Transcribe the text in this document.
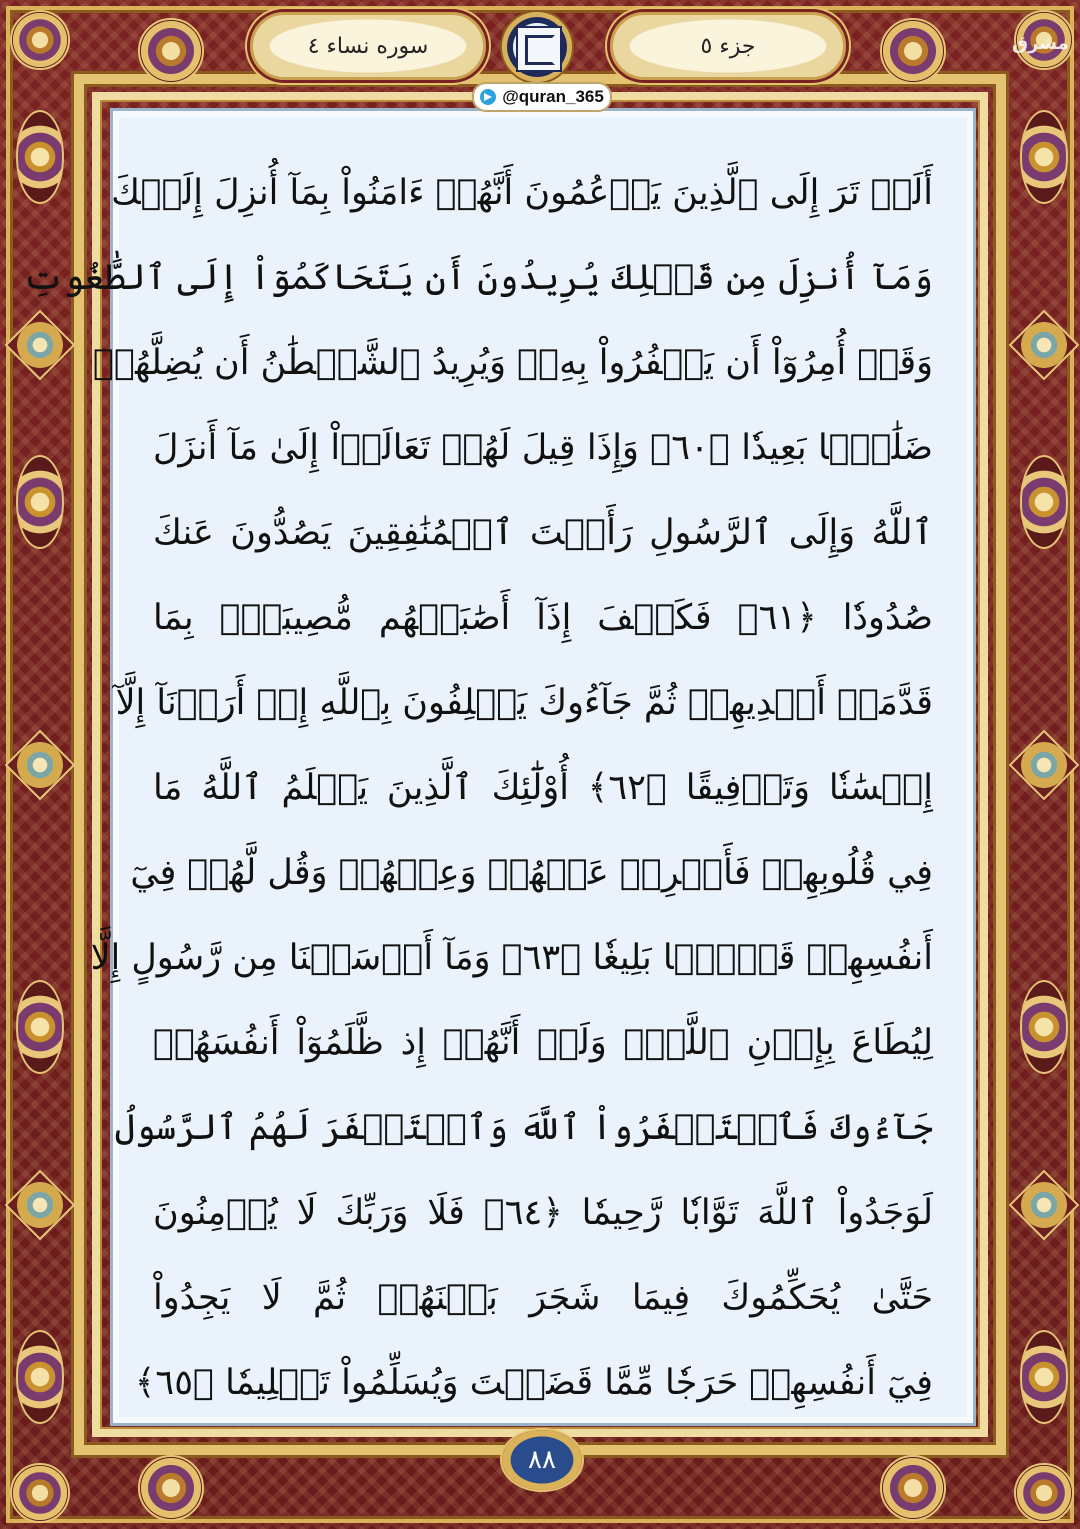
سوره نساء ٤	جزء ٥	مشرق
@quran_365
أَلَمۡ تَرَ إِلَى ٱلَّذِينَ يَزۡعُمُونَ أَنَّهُمۡ ءَامَنُواْ بِمَآ أُنزِلَ إِلَيۡكَ
وَمَآ أُنزِلَ مِن قَبۡلِكَ يُرِيدُونَ أَن يَتَحَاكَمُوٓاْ إِلَى ٱلطَّٰغُوتِ
وَقَدۡ أُمِرُوٓاْ أَن يَكۡفُرُواْ بِهِۦۖ وَيُرِيدُ ٱلشَّيۡطَٰنُ أَن يُضِلَّهُمۡ
ضَلَٰلَۢا بَعِيدٗا ﴿٦٠﴾ وَإِذَا قِيلَ لَهُمۡ تَعَالَوۡاْ إِلَىٰ مَآ أَنزَلَ
ٱللَّهُ وَإِلَى ٱلرَّسُولِ رَأَيۡتَ ٱلۡمُنَٰفِقِينَ يَصُدُّونَ عَنكَ
صُدُودٗا ﴿٦١﴾ فَكَيۡفَ إِذَآ أَصَٰبَتۡهُم مُّصِيبَةُۢ بِمَا
قَدَّمَتۡ أَيۡدِيهِمۡ ثُمَّ جَآءُوكَ يَحۡلِفُونَ بِٱللَّهِ إِنۡ أَرَدۡنَآ إِلَّآ
إِحۡسَٰنٗا وَتَوۡفِيقًا ﴿٦٢﴾ أُوْلَٰٓئِكَ ٱلَّذِينَ يَعۡلَمُ ٱللَّهُ مَا
فِي قُلُوبِهِمۡ فَأَعۡرِضۡ عَنۡهُمۡ وَعِظۡهُمۡ وَقُل لَّهُمۡ فِيٓ
أَنفُسِهِمۡ قَوۡلَۢا بَلِيغٗا ﴿٦٣﴾ وَمَآ أَرۡسَلۡنَا مِن رَّسُولٍ إِلَّا
لِيُطَاعَ بِإِذۡنِ ٱللَّهِۚ وَلَوۡ أَنَّهُمۡ إِذ ظَّلَمُوٓاْ أَنفُسَهُمۡ
جَآءُوكَ فَٱسۡتَغۡفَرُواْ ٱللَّهَ وَٱسۡتَغۡفَرَ لَهُمُ ٱلرَّسُولُ
لَوَجَدُواْ ٱللَّهَ تَوَّابٗا رَّحِيمٗا ﴿٦٤﴾ فَلَا وَرَبِّكَ لَا يُؤۡمِنُونَ
حَتَّىٰ يُحَكِّمُوكَ فِيمَا شَجَرَ بَيۡنَهُمۡ ثُمَّ لَا يَجِدُواْ
فِيٓ أَنفُسِهِمۡ حَرَجٗا مِّمَّا قَضَيۡتَ وَيُسَلِّمُواْ تَسۡلِيمٗا ﴿٦٥﴾
٨٨
